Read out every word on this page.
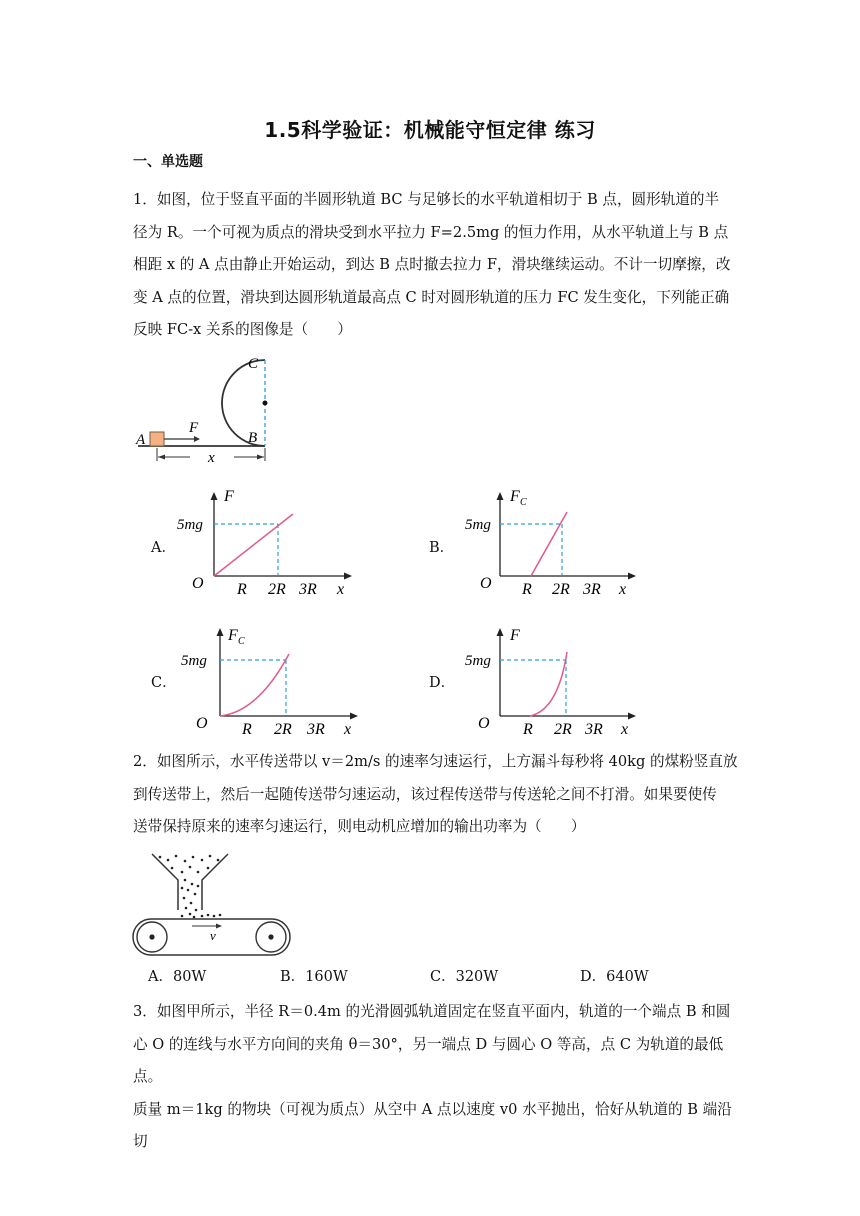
1.5科学验证：机械能守恒定律 练习
一、单选题

1．如图，位于竖直平面的半圆形轨道 BC 与足够长的水平轨道相切于 B 点，圆形轨道的半

径为 R。一个可视为质点的滑块受到水平拉力 F=2.5mg 的恒力作用，从水平轨道上与 B 点

相距 x 的 A 点由静止开始运动，到达 B 点时撤去拉力 F，滑块继续运动。不计一切摩擦，改

变 A 点的位置，滑块到达圆形轨道最高点 C 时对圆形轨道的压力 FC 发生变化，下列能正确

反映 FC-x 关系的图像是（　　）

A	B
C
F
x
A．
F
5mg
O R 2R 3R x
B．
F C
5mg
O R 2R 3R x
C．
F C
5mg
O R 2R 3R x
D．
F
5mg
O R 2R 3R x

2．如图所示，水平传送带以 v＝2m/s 的速率匀速运行，上方漏斗每秒将 40kg 的煤粉竖直放

到传送带上，然后一起随传送带匀速运动，该过程传送带与传送轮之间不打滑。如果要使传

送带保持原来的速率匀速运行，则电动机应增加的输出功率为（　　）

v
A．80W	B．160W	C．320W	D．640W

3．如图甲所示，半径 R＝0.4m 的光滑圆弧轨道固定在竖直平面内，轨道的一个端点 B 和圆

心 O 的连线与水平方向间的夹角 θ＝30°，另一端点 D 与圆心 O 等高，点 C 为轨道的最低点。

质量 m＝1kg 的物块（可视为质点）从空中 A 点以速度 v0 水平抛出，恰好从轨道的 B 端沿切
